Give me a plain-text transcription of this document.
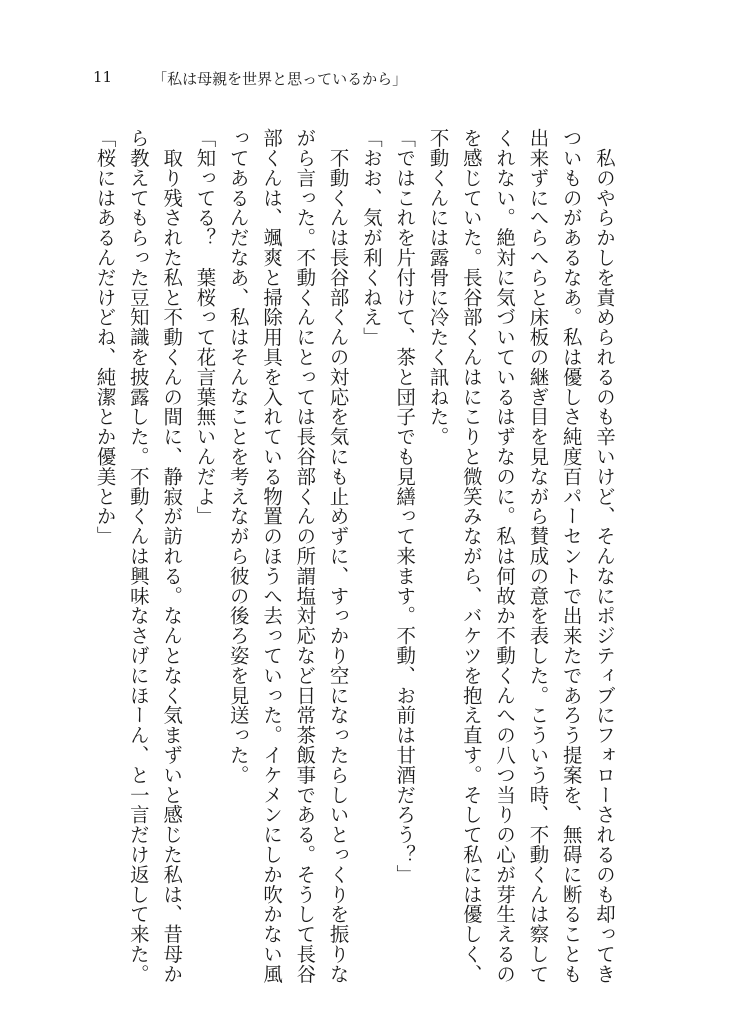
11	「私は母親を世界と思っているから」

　私のやらかしを責められるのも辛いけど、そんなにポジティブにフォローされるのも却ってきついものがあるなあ。私は優しさ純度百パーセントで出来たであろう提案を、無碍に断ることも出来ずにへらへらと床板の継ぎ目を見ながら賛成の意を表した。こういう時、不動くんは察してくれない。絶対に気づいているはずなのに。私は何故か不動くんへの八つ当りの心が芽生えるのを感じていた。長谷部くんはにこりと微笑みながら、バケツを抱え直す。そして私には優しく、不動くんには露骨に冷たく訊ねた。

「ではこれを片付けて、茶と団子でも見繕って来ます。不動、お前は甘酒だろう？」

「おお、気が利くねえ」

　不動くんは長谷部くんの対応を気にも止めずに、すっかり空になったらしいとっくりを振りながら言った。不動くんにとっては長谷部くんの所謂塩対応など日常茶飯事である。そうして長谷部くんは、颯爽と掃除用具を入れている物置のほうへ去っていった。イケメンにしか吹かない風ってあるんだなあ、私はそんなことを考えながら彼の後ろ姿を見送った。

「知ってる？　葉桜って花言葉無いんだよ」

　取り残された私と不動くんの間に、静寂が訪れる。なんとなく気まずいと感じた私は、昔母から教えてもらった豆知識を披露した。不動くんは興味なさげにほーん、と一言だけ返して来た。

「桜にはあるんだけどね、純潔とか優美とか」
